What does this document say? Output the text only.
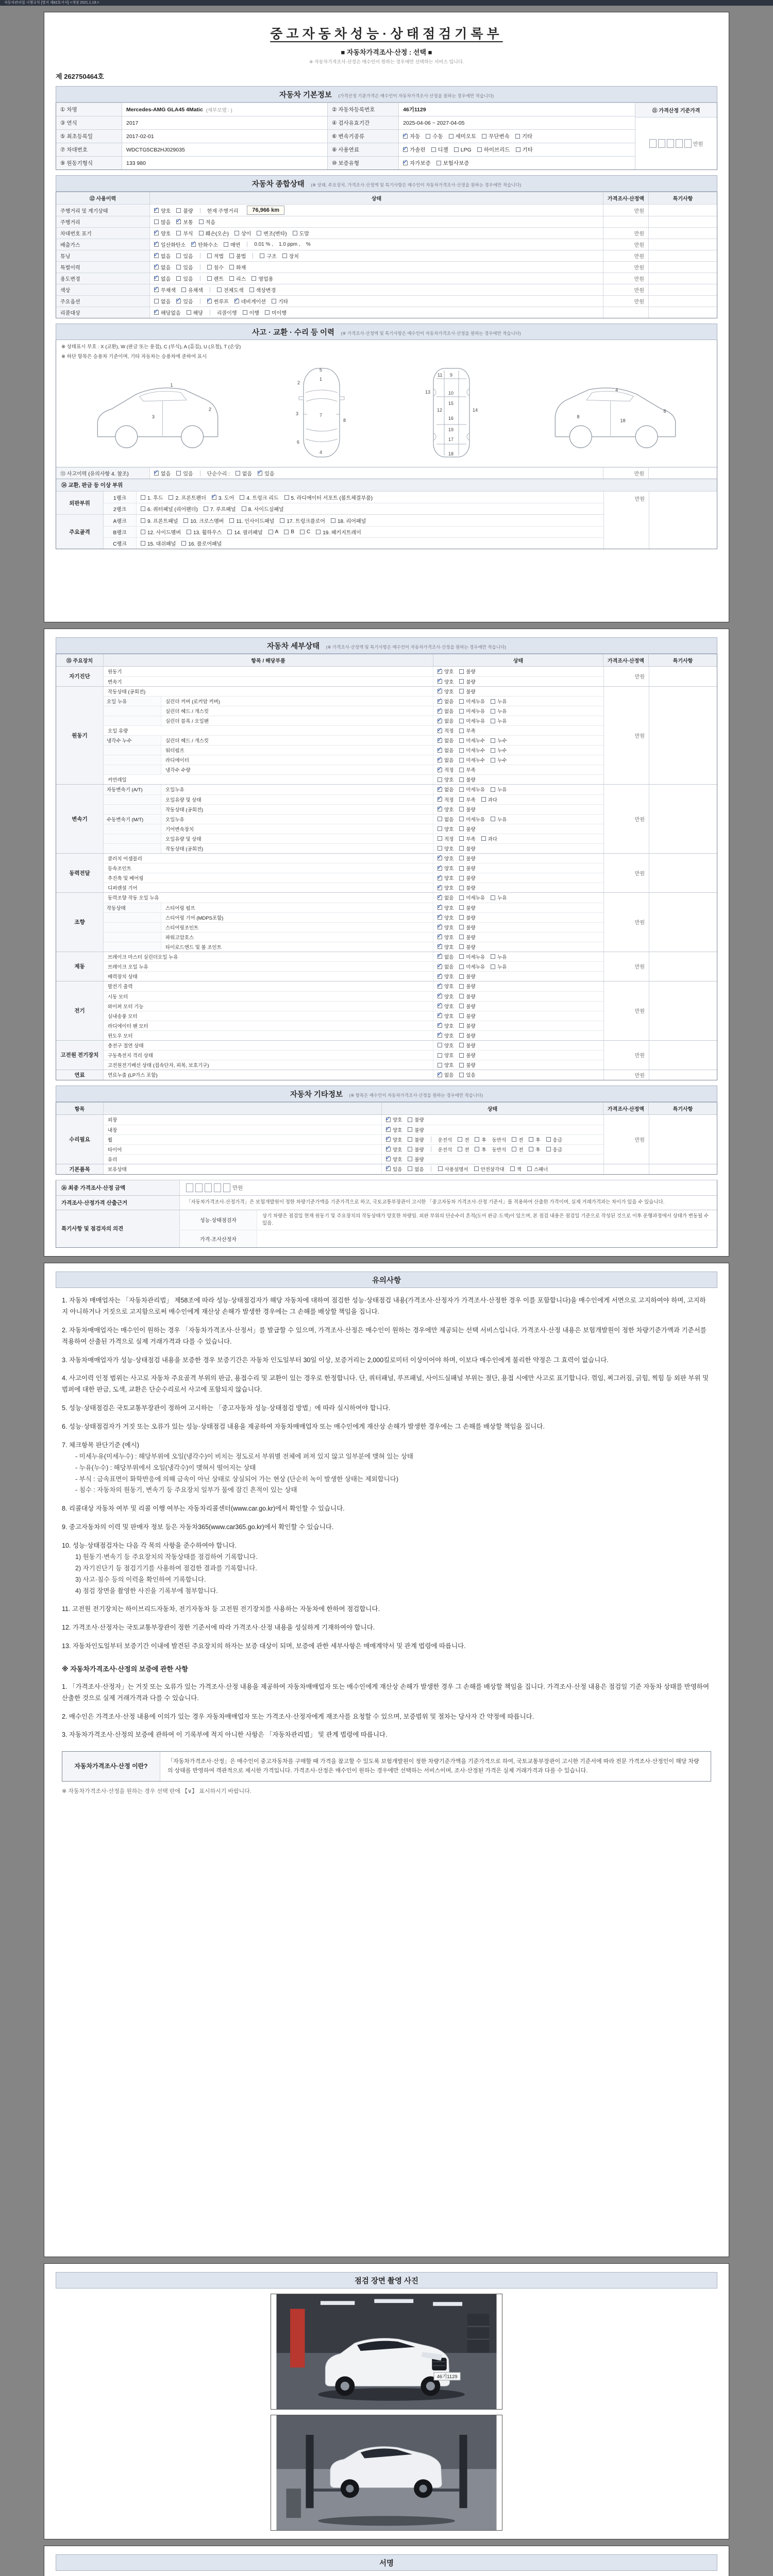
자동차관리법 시행규칙 [별지 제82호서식] <개정 2021.1.19.>
중고자동차성능·상태점검기록부
■ 자동차가격조사·산정 : 선택 ■
※ 자동차가격조사·산정은 매수인이 원하는 경우에만 선택하는 서비스 입니다.
제 262750464호
자동차 기본정보 (가격산정 기준가격은 매수인이 자동차가격조사·산정을 원하는 경우에만 적습니다)
① 차명	Mercedes-AMG GLA45 4Matic (세부모델 : )	② 자동차등록번호	46기1129
③ 연식	2017	④ 검사유효기간	2025-04-06 ~ 2027-04-05
⑤ 최초등록일	2017-02-01	⑥ 변속기종류 ✓	자동 수동 세미오토 무단변속 기타
⑦ 차대번호	WDCTG5CB2HJ029035	⑧ 사용연료 ✓	가솔린 디젤 LPG 하이브리드 기타
⑨ 원동기형식	133 980	⑩ 보증유형 ✓	자가보증 보험사보증
⑪ 가격산정 기준가격
만원
자동차 종합상태 (※ 상태, 주요장치, 가격조사·산정액 및 특기사항은 매수인이 자동차가격조사·산정을 원하는 경우에만 적습니다)
⑫ 사용이력	상태	가격조사·산정액	특기사항
주행거리 및 계기상태 ✓	양호 불량	현재 주행거리	76,966 km	만원
주행거리	많음 ✓ 보통 적음
차대번호 표기 ✓	양호 부식 훼손(오손) 상이 변조(변타) 도말	만원
배출가스 ✓	일산화탄소 ✓ 탄화수소 매연	0.01 % , 1.0 ppm , %	만원
튜닝 ✓	없음 있음	적법 불법	구조 장치	만원
특별이력 ✓	없음 있음	침수 화재	만원
용도변경 ✓	없음 있음	렌트 리스 영업용	만원
색상 ✓	무채색 유채색	전체도색 색상변경	만원
주요옵션	없음 ✓ 있음 ✓	썬루프 ✓ 네비게이션 기타	만원
리콜대상 ✓	해당없음 해당	리콜이행 이행 미이행
사고 · 교환 · 수리 등 이력 (※ 가격조사·산정액 및 특기사항은 매수인이 자동차가격조사·산정을 원하는 경우에만 적습니다)
※ 상태표시 부호 : X (교환), W (판금 또는 용접), C (부식), A (흠집), U (요철), T (손상)
※ 하단 항목은 승용차 기준이며, 기타 자동차는 승용차에 준하여 표시
1
2
3
1
2
3
4
5
6
7
8
9
10
11
12
13
14
15
16
17
18
19
6
4
18
8
⑬ 사고이력 (유의사항 4. 참조) ✓	없음 있음	단순수리 : 없음 ✓ 있음	만원
⑭ 교환, 판금 등 이상 부위
외판부위
1랭크	1. 후드 2. 프론트펜더 ✓ 3. 도어 4. 트렁크 리드 5. 라디에이터 서포트 (볼트체결부품)
2랭크	6. 쿼터패널 (리어펜더) 7. 루프패널 8. 사이드실패널
주요골격
A랭크	9. 프론트패널 10. 크로스멤버 11. 인사이드패널 17. 트렁크플로어 18. 리어패널
B랭크	12. 사이드멤버 13. 휠하우스 14. 필러패널 A B C 19. 패키지트레이
C랭크	15. 대쉬패널 16. 플로어패널
만원
자동차 세부상태 (※ 가격조사·산정액 및 특기사항은 매수인이 자동차가격조사·산정을 원하는 경우에만 적습니다)
⑮ 주요장치	항목 / 해당부품	상태	가격조사·산정액	특기사항
자기진단
원동기 ✓	양호	불량
변속기 ✓	양호	불량
만원
원동기
작동상태 (공회전) ✓	양호	불량
오일 누유	실린더 커버 (로커암 커버) ✓	없음	미세누유	누유
실린더 헤드 / 개스킷 ✓	없음	미세누유	누유
실린더 블록 / 오일팬 ✓	없음	미세누유	누유
오일 유량 ✓	적정	부족
냉각수 누수	실린더 헤드 / 개스킷 ✓	없음	미세누수	누수
워터펌프 ✓	없음	미세누수	누수
라디에이터 ✓	없음	미세누수	누수
냉각수 수량 ✓	적정	부족
커먼레일	양호	불량
만원
변속기
자동변속기 (A/T)	오일누유 ✓	없음	미세누유	누유
오일유량 및 상태 ✓	적정	부족	과다
작동상태 (공회전) ✓	양호	불량
수동변속기 (M/T)	오일누유	없음	미세누유	누유
기어변속장치	양호	불량
오일유량 및 상태	적정	부족	과다
작동상태 (공회전)	양호	불량
만원
동력전달
클러치 어셈블리 ✓	양호	불량
등속조인트 ✓	양호	불량
추진축 및 베어링 ✓	양호	불량
디퍼렌셜 기어 ✓	양호	불량
만원
조향
동력조향 작동 오일 누유 ✓	없음	미세누유	누유
작동상태	스티어링 펌프 ✓	양호	불량
스티어링 기어 (MDPS포함) ✓	양호	불량
스티어링조인트 ✓	양호	불량
파워고압호스 ✓	양호	불량
타이로드엔드 및 볼 조인트 ✓	양호	불량
만원
제동
브레이크 마스터 실린더오일 누유 ✓	없음	미세누유	누유
브레이크 오일 누유 ✓	없음	미세누유	누유
배력장치 상태 ✓	양호	불량
만원
전기
발전기 출력 ✓	양호	불량
시동 모터 ✓	양호	불량
와이퍼 모터 기능 ✓	양호	불량
실내송풍 모터 ✓	양호	불량
라디에이터 팬 모터 ✓	양호	불량
윈도우 모터 ✓	양호	불량
만원
고전원 전기장치
충전구 절연 상태	양호	불량
구동축전지 격리 상태	양호	불량
고전원전기배선 상태 (접속단자, 피복, 보호기구)	양호	불량
만원
연료	연료누출 (LP가스 포함) ✓	없음	있음	만원
자동차 기타정보 (※ 항목은 매수인이 자동차가격조사·산정을 원하는 경우에만 적습니다)
항목	상태	가격조사·산정액	특기사항
수리필요
외장 ✓	양호	불량
내장 ✓	양호	불량
휠 ✓	양호	불량	운전석	전	후 동반석	전	후	응급
타이어 ✓	양호	불량	운전석	전	후 동반석	전	후	응급
유리 ✓	양호	불량
만원
기본품목	보유상태 ✓	있음	없음	사용설명서	안전삼각대	잭	스패너
⑯ 최종 가격조사·산정 금액	만원
가격조사·산정가격 산출근거	「자동차가격조사·산정가격」은 보험개발원이 정한 차량기준가액을 기준가격으로 하고, 국토교통부장관이 고시한 「중고자동차 가격조사·산정 기준서」를 적용하여 산출한 가격이며, 실제 거래가격과는 차이가 있을 수 있습니다.
특기사항 및 점검자의 의견
성능·상태점검자
상기 차량은 점검일 현재 원동기 및 주요장치의 작동상태가 양호한 차량임. 외판 부위의 단순수리 흔적(도어 판금·도색)이 있으며, 본 점검 내용은 점검일 기준으로 작성된 것으로 이후 운행과정에서 상태가 변동될 수 있음.
가격·조사산정자
유의사항
1. 자동차 매매업자는 「자동차관리법」 제58조에 따라 성능·상태점검자가 해당 자동차에 대하여 점검한 성능·상태점검 내용(가격조사·산정자가 가격조사·산정한 경우 이를 포함합니다)을 매수인에게 서면으로 고지하여야 하며, 고지하지 아니하거나 거짓으로 고지함으로써 매수인에게 재산상 손해가 발생한 경우에는 그 손해를 배상할 책임을 집니다.
2. 자동차매매업자는 매수인이 원하는 경우 「자동차가격조사·산정서」를 발급할 수 있으며, 가격조사·산정은 매수인이 원하는 경우에만 제공되는 선택 서비스입니다. 가격조사·산정 내용은 보험개발원이 정한 차량기준가액과 기준서를 적용하여 산출된 가격으로 실제 거래가격과 다를 수 있습니다.
3. 자동차매매업자가 성능·상태점검 내용을 보증한 경우 보증기간은 자동차 인도일부터 30일 이상, 보증거리는 2,000킬로미터 이상이어야 하며, 이보다 매수인에게 불리한 약정은 그 효력이 없습니다.
4. 사고이력 인정 범위는 사고로 자동차 주요골격 부위의 판금, 용접수리 및 교환이 있는 경우로 한정합니다. 단, 쿼터패널, 루프패널, 사이드실패널 부위는 절단, 용접 시에만 사고로 표기합니다. 꺾임, 찌그러짐, 긁힘, 찍힘 등 외판 부위 및 범퍼에 대한 판금, 도색, 교환은 단순수리로서 사고에 포함되지 않습니다.
5. 성능·상태점검은 국토교통부장관이 정하여 고시하는 「중고자동차 성능·상태점검 방법」에 따라 실시하여야 합니다.
6. 성능·상태점검자가 거짓 또는 오류가 있는 성능·상태점검 내용을 제공하여 자동차매매업자 또는 매수인에게 재산상 손해가 발생한 경우에는 그 손해를 배상할 책임을 집니다.
7. 체크항목 판단기준 (예시)
- 미세누유(미세누수) : 해당부위에 오일(냉각수)이 비치는 정도로서 부위별 전체에 퍼져 있지 않고 일부분에 맺혀 있는 상태
- 누유(누수) : 해당부위에서 오일(냉각수)이 맺혀서 떨어지는 상태
- 부식 : 금속표면이 화학반응에 의해 금속이 아닌 상태로 상실되어 가는 현상 (단순히 녹이 발생한 상태는 제외합니다)
- 침수 : 자동차의 원동기, 변속기 등 주요장치 일부가 물에 잠긴 흔적이 있는 상태
8. 리콜대상 자동차 여부 및 리콜 이행 여부는 자동차리콜센터(www.car.go.kr)에서 확인할 수 있습니다.
9. 중고자동차의 이력 및 판매자 정보 등은 자동차365(www.car365.go.kr)에서 확인할 수 있습니다.
10. 성능·상태점검자는 다음 각 목의 사항을 준수하여야 합니다.
1) 원동기·변속기 등 주요장치의 작동상태를 점검하여 기록합니다.
2) 자기진단기 등 점검기기를 사용하여 점검한 결과를 기록합니다.
3) 사고·침수 등의 이력을 확인하여 기록합니다.
4) 점검 장면을 촬영한 사진을 기록부에 첨부합니다.
11. 고전원 전기장치는 하이브리드자동차, 전기자동차 등 고전원 전기장치를 사용하는 자동차에 한하여 점검합니다.
12. 가격조사·산정자는 국토교통부장관이 정한 기준서에 따라 가격조사·산정 내용을 성실하게 기재하여야 합니다.
13. 자동차인도일부터 보증기간 이내에 발견된 주요장치의 하자는 보증 대상이 되며, 보증에 관한 세부사항은 매매계약서 및 관계 법령에 따릅니다.
※ 자동차가격조사·산정의 보증에 관한 사항
1. 「가격조사·산정자」는 거짓 또는 오류가 있는 가격조사·산정 내용을 제공하여 자동차매매업자 또는 매수인에게 재산상 손해가 발생한 경우 그 손해를 배상할 책임을 집니다. 가격조사·산정 내용은 점검일 기준 자동차 상태를 반영하여 산출한 것으로 실제 거래가격과 다를 수 있습니다.
2. 매수인은 가격조사·산정 내용에 이의가 있는 경우 자동차매매업자 또는 가격조사·산정자에게 재조사를 요청할 수 있으며, 보증범위 및 절차는 당사자 간 약정에 따릅니다.
3. 자동차가격조사·산정의 보증에 관하여 이 기록부에 적지 아니한 사항은 「자동차관리법」 및 관계 법령에 따릅니다.
자동차가격조사·산정 이란?
「자동차가격조사·산정」은 매수인이 중고자동차를 구매할 때 가격을 참고할 수 있도록 보험개발원이 정한 차량기준가액을 기준가격으로 하여, 국토교통부장관이 고시한 기준서에 따라 전문 가격조사·산정인이 해당 차량의 상태를 반영하여 객관적으로 제시한 가격입니다. 가격조사·산정은 매수인이 원하는 경우에만 선택하는 서비스이며, 조사·산정된 가격은 실제 거래가격과 다를 수 있습니다.
※ 자동차가격조사·산정을 원하는 경우 선택 란에 【∨】 표시하시기 바랍니다.
점검 장면 촬영 사진
46기1129
서명
